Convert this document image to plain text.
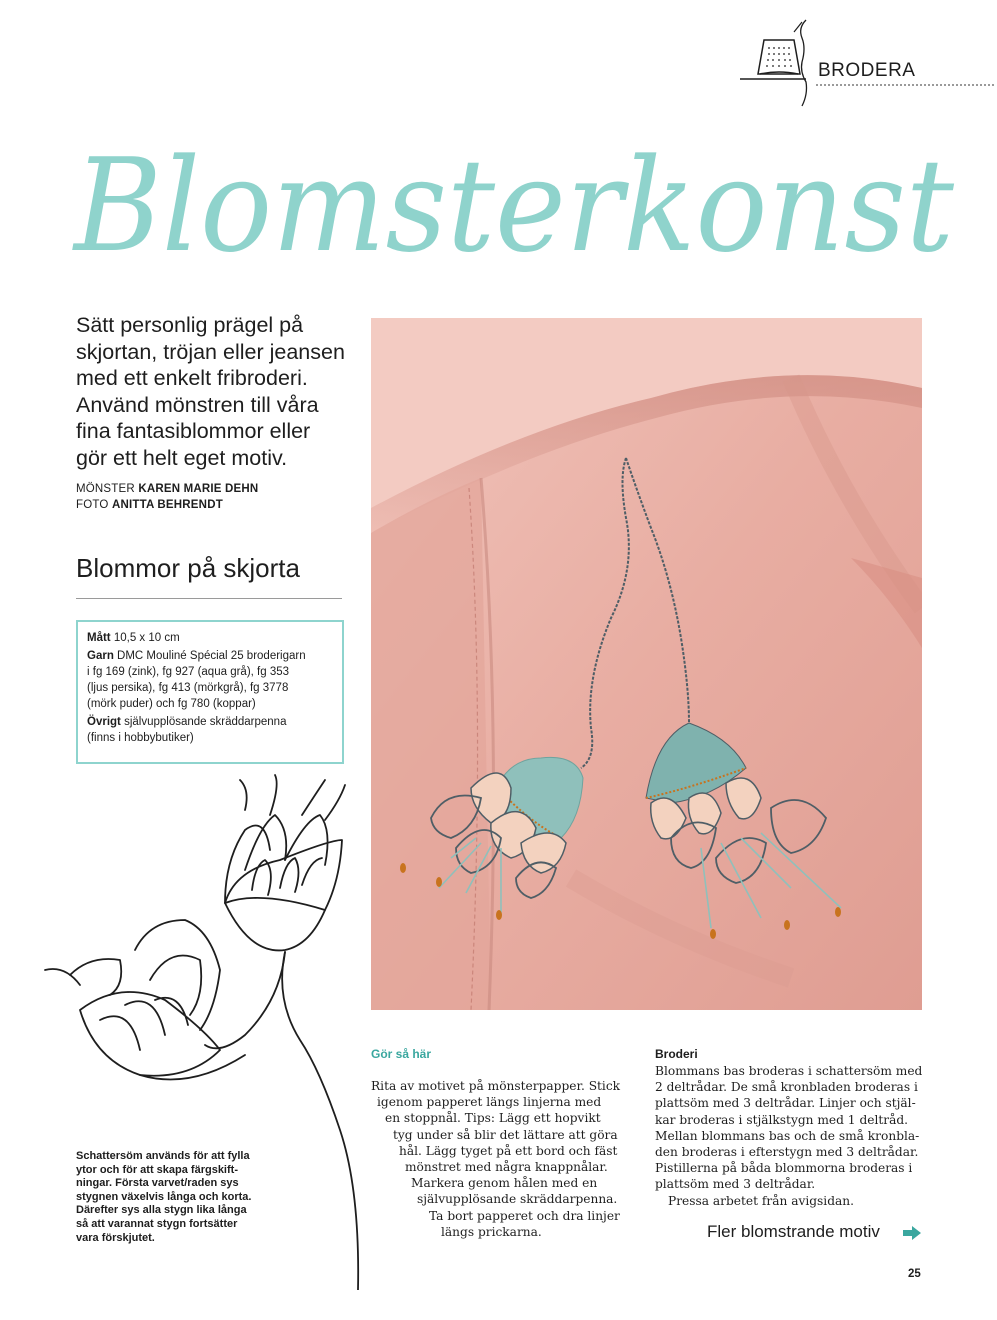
BRODERA
Blomsterkonst

Sätt personlig prägel på
skjortan, tröjan eller jeansen
med ett enkelt fribroderi.
Använd mönstren till våra
fina fantasiblommor eller
gör ett helt eget motiv.

MÖNSTER KAREN MARIE DEHN
FOTO ANITTA BEHRENDT
Blommor på skjorta

Mått 10,5 x 10 cm

Garn DMC Mouliné Spécial 25 broderigarn
i fg 169 (zink), fg 927 (aqua grå), fg 353
(ljus persika), fg 413 (mörkgrå), fg 3778
(mörk puder) och fg 780 (koppar)

Övrigt självupplösande skräddarpenna
(finns i hobbybutiker)

Schattersöm används för att fylla
ytor och för att skapa färgskift-
ningar. Första varvet/raden sys
stygnen växelvis långa och korta.
Därefter sys alla stygn lika långa
så att varannat stygn fortsätter
vara förskjutet.

Gör så här

Rita av motivet på mönsterpapper. Stick
igenom papperet längs linjerna med
en stoppnål. Tips: Lägg ett hopvikt
tyg under så blir det lättare att göra
hål. Lägg tyget på ett bord och fäst
mönstret med några knappnålar.
Markera genom hålen med en
självupplösande skräddarpenna.
Ta bort papperet och dra linjer
längs prickarna.

Broderi

Blommans bas broderas i schattersöm med
2 deltrådar. De små kronbladen broderas i
plattsöm med 3 deltrådar. Linjer och stjäl-
kar broderas i stjälkstygn med 1 deltråd.
Mellan blommans bas och de små kronbla-
den broderas i efterstygn med 3 deltrådar.
Pistillerna på båda blommorna broderas i
plattsöm med 3 deltrådar.

Pressa arbetet från avigsidan.
Fler blomstrande motiv
25
